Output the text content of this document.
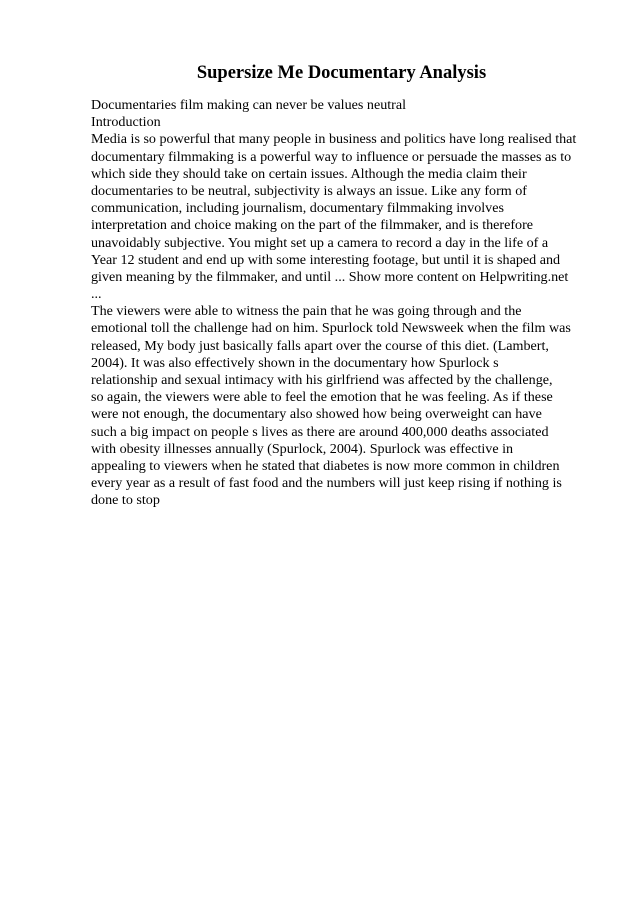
Supersize Me Documentary Analysis
Documentaries film making can never be values neutral
Introduction
Media is so powerful that many people in business and politics have long realised that
documentary filmmaking is a powerful way to influence or persuade the masses as to
which side they should take on certain issues. Although the media claim their
documentaries to be neutral, subjectivity is always an issue. Like any form of
communication, including journalism, documentary filmmaking involves
interpretation and choice making on the part of the filmmaker, and is therefore
unavoidably subjective. You might set up a camera to record a day in the life of a
Year 12 student and end up with some interesting footage, but until it is shaped and
given meaning by the filmmaker, and until ... Show more content on Helpwriting.net
...
The viewers were able to witness the pain that he was going through and the
emotional toll the challenge had on him. Spurlock told Newsweek when the film was
released, My body just basically falls apart over the course of this diet. (Lambert,
2004). It was also effectively shown in the documentary how Spurlock s
relationship and sexual intimacy with his girlfriend was affected by the challenge,
so again, the viewers were able to feel the emotion that he was feeling. As if these
were not enough, the documentary also showed how being overweight can have
such a big impact on people s lives as there are around 400,000 deaths associated
with obesity illnesses annually (Spurlock, 2004). Spurlock was effective in
appealing to viewers when he stated that diabetes is now more common in children
every year as a result of fast food and the numbers will just keep rising if nothing is
done to stop
